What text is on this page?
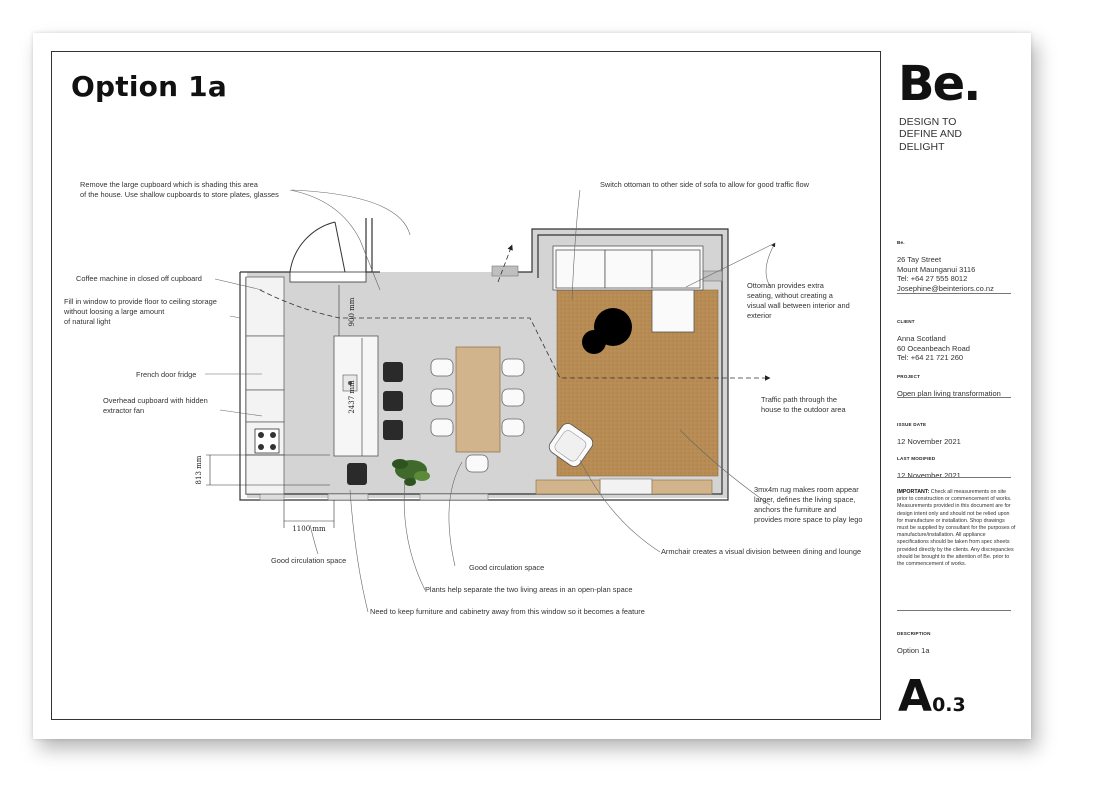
Option 1a
900 mm
2437 mm
813 mm
1100 mm
Remove the large cupboard which is shading this area
of the house. Use shallow cupboards to store plates, glasses
Switch ottoman to other side of sofa to allow for good traffic flow
Coffee machine in closed off cupboard
Fill in window to provide floor to ceiling storage
without loosing a large amount
of natural light
French door fridge
Overhead cupboard with hidden
extractor fan
Ottoman provides extra
seating, without creating a
visual wall between interior and
exterior
Traffic path through the
house to the outdoor area
3mx4m rug makes room appear
larger, defines the living space,
anchors the furniture and
provides more space to play lego
Armchair creates a visual division between dining and lounge
Good circulation space
Good circulation space
Plants help separate the two living areas in an open-plan space
Need to keep furniture and cabinetry away from this window so it becomes a feature
Be.
DESIGN TO
DEFINE AND
DELIGHT

Be.

26 Tay Street
Mount Maunganui 3116
Tel: +64 27 555 8012
Josephine@beinteriors.co.nz

CLIENT

Anna Scotland
60 Oceanbeach Road
Tel: +64 21 721 260

PROJECT

Open plan living transformation

ISSUE DATE

12 November 2021

LAST MODIFIED

12 November 2021

IMPORTANT: Check all measurements on site prior to construction or commencement of works. Measurements provided in this document are for design intent only and should not be relied upon for manufacture or installation. Shop drawings must be supplied by consultant for the purposes of manufacture/installation. All appliance specifications should be taken from spec sheets provided directly by the clients. Any discrepancies should be brought to the attention of Be. prior to the commencement of works.

DESCRIPTION

Option 1a

A0.3
